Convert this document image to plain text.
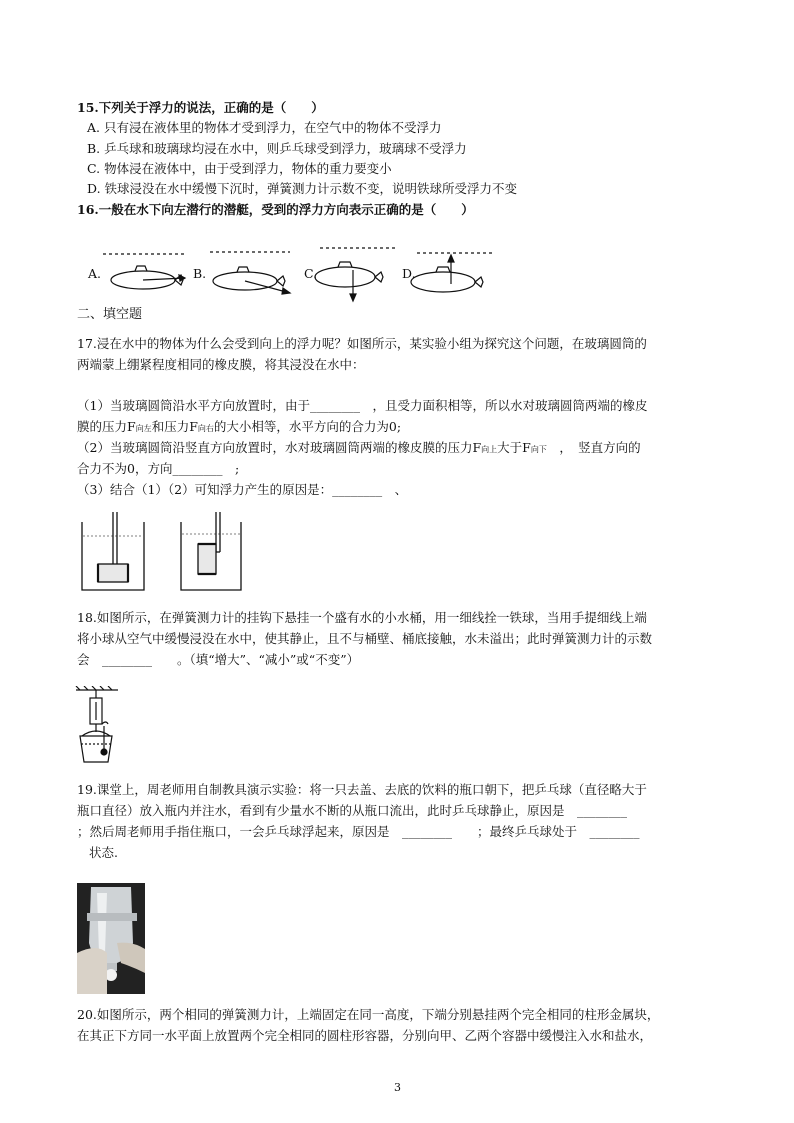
15.下列关于浮力的说法，正确的是（　　）
A. 只有浸在液体里的物体才受到浮力，在空气中的物体不受浮力
B. 乒乓球和玻璃球均浸在水中，则乒乓球受到浮力，玻璃球不受浮力
C. 物体浸在液体中，由于受到浮力，物体的重力要变小
D. 铁球浸没在水中缓慢下沉时，弹簧测力计示数不变，说明铁球所受浮力不变
16.一般在水下向左潜行的潜艇，受到的浮力方向表示正确的是（　　）
A.	B.	C.	D.
二、填空题
17.浸在水中的物体为什么会受到向上的浮力呢？如图所示，某实验小组为探究这个问题，在玻璃圆筒的
两端蒙上绷紧程度相同的橡皮膜，将其浸没在水中：
（1）当玻璃圆筒沿水平方向放置时，由于________　，且受力面积相等，所以水对玻璃圆筒两端的橡皮
膜的压力F向左和压力F向右的大小相等，水平方向的合力为0;
（2）当玻璃圆筒沿竖直方向放置时，水对玻璃圆筒两端的橡皮膜的压力F向上大于F向下　，　竖直方向的
合力不为0，方向________　;
（3）结合（1）（2）可知浮力产生的原因是：________　、
18.如图所示，在弹簧测力计的挂钩下悬挂一个盛有水的小水桶，用一细线拴一铁球，当用手提细线上端
将小球从空气中缓慢浸没在水中，使其静止，且不与桶壁、桶底接触，水未溢出；此时弹簧测力计的示数
会　________　　。（填“增大”、“减小”或“不变”）
19.课堂上，周老师用自制教具演示实验：将一只去盖、去底的饮料的瓶口朝下，把乒乓球（直径略大于
瓶口直径）放入瓶内并注水，看到有少量水不断的从瓶口流出，此时乒乓球静止，原因是　________
；然后周老师用手指住瓶口，一会乒乓球浮起来，原因是　________　　；最终乒乓球处于　________
状态.
20.如图所示，两个相同的弹簧测力计，上端固定在同一高度，下端分别悬挂两个完全相同的柱形金属块，
在其正下方同一水平面上放置两个完全相同的圆柱形容器，分别向甲、乙两个容器中缓慢注入水和盐水，
3
